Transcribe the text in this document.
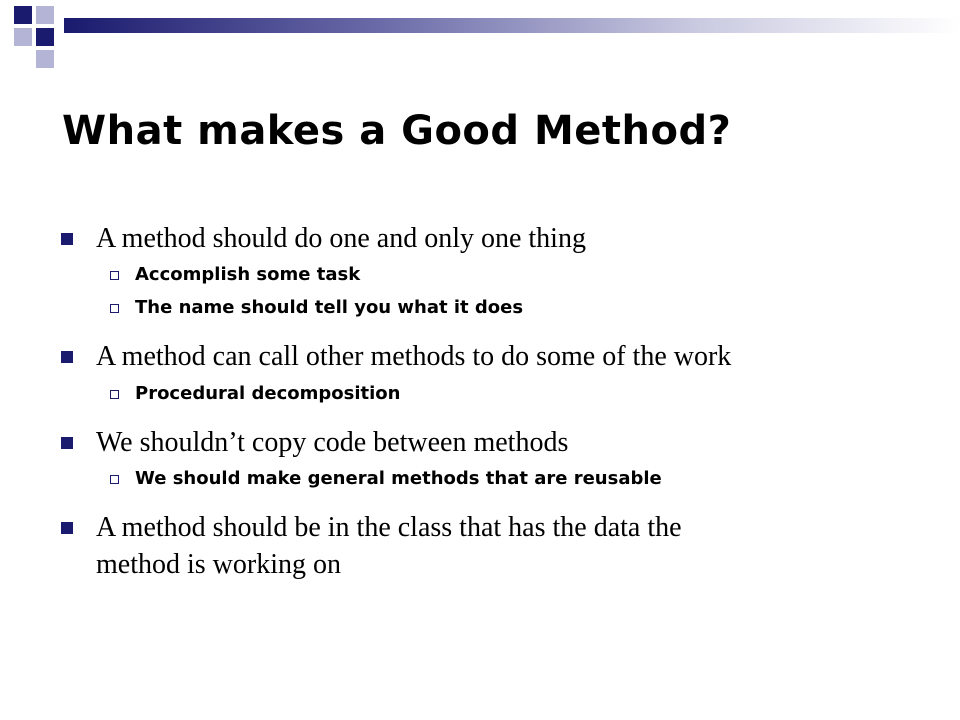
What makes a Good Method?
A method should do one and only one thing
Accomplish some task
The name should tell you what it does
A method can call other methods to do some of the work
Procedural decomposition
We shouldn’t copy code between methods
We should make general methods that are reusable
A method should be in the class that has the data the
method is working on
